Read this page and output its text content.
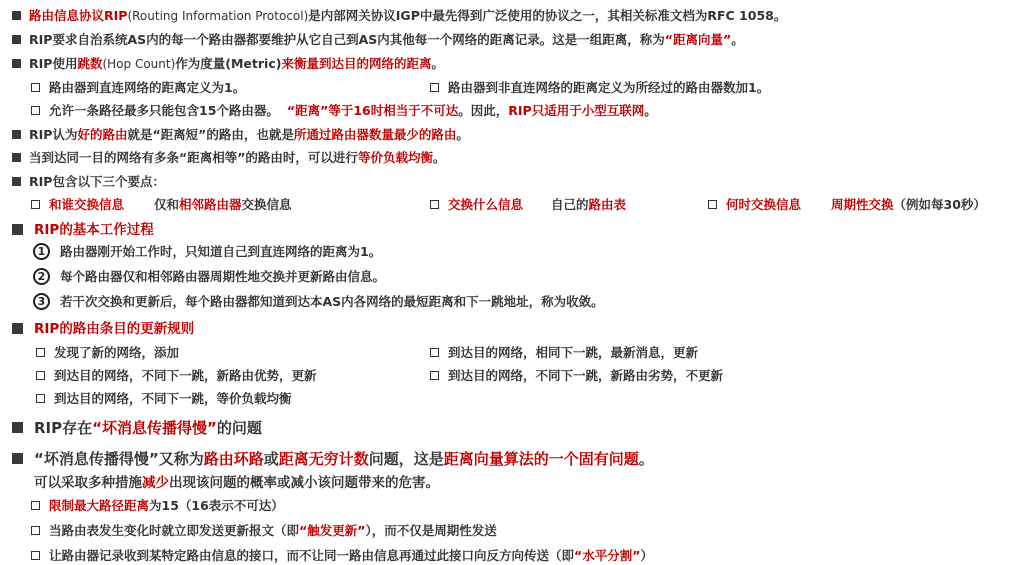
路由信息协议RIP(Routing Information Protocol)是内部网关协议IGP中最先得到广泛使用的协议之一，其相关标准文档为RFC 1058。
RIP要求自治系统AS内的每一个路由器都要维护从它自己到AS内其他每一个网络的距离记录。这是一组距离，称为“距离向量”。
RIP使用跳数(Hop Count)作为度量(Metric)来衡量到达目的网络的距离。
路由器到直连网络的距离定义为1。	路由器到非直连网络的距离定义为所经过的路由器数加1。
允许一条路径最多只能包含15个路由器。 “距离”等于16时相当于不可达。因此，RIP只适用于小型互联网。
RIP认为好的路由就是“距离短”的路由，也就是所通过路由器数量最少的路由。
当到达同一目的网络有多条“距离相等”的路由时，可以进行等价负载均衡。
RIP包含以下三个要点：
和谁交换信息 仅和相邻路由器交换信息	交换什么信息 自己的路由表	何时交换信息 周期性交换（例如每30秒）
RIP的基本工作过程
1 路由器刚开始工作时，只知道自己到直连网络的距离为1。
2 每个路由器仅和相邻路由器周期性地交换并更新路由信息。
3 若干次交换和更新后，每个路由器都知道到达本AS内各网络的最短距离和下一跳地址，称为收敛。
RIP的路由条目的更新规则
发现了新的网络，添加	到达目的网络，相同下一跳，最新消息，更新
到达目的网络，不同下一跳，新路由优势，更新	到达目的网络，不同下一跳，新路由劣势，不更新
到达目的网络，不同下一跳，等价负载均衡
RIP存在“坏消息传播得慢”的问题
“坏消息传播得慢”又称为路由环路或距离无穷计数问题，这是距离向量算法的一个固有问题。
可以采取多种措施减少出现该问题的概率或减小该问题带来的危害。
限制最大路径距离为15（16表示不可达）
当路由表发生变化时就立即发送更新报文（即“触发更新”），而不仅是周期性发送
让路由器记录收到某特定路由信息的接口，而不让同一路由信息再通过此接口向反方向传送（即“水平分割”）
